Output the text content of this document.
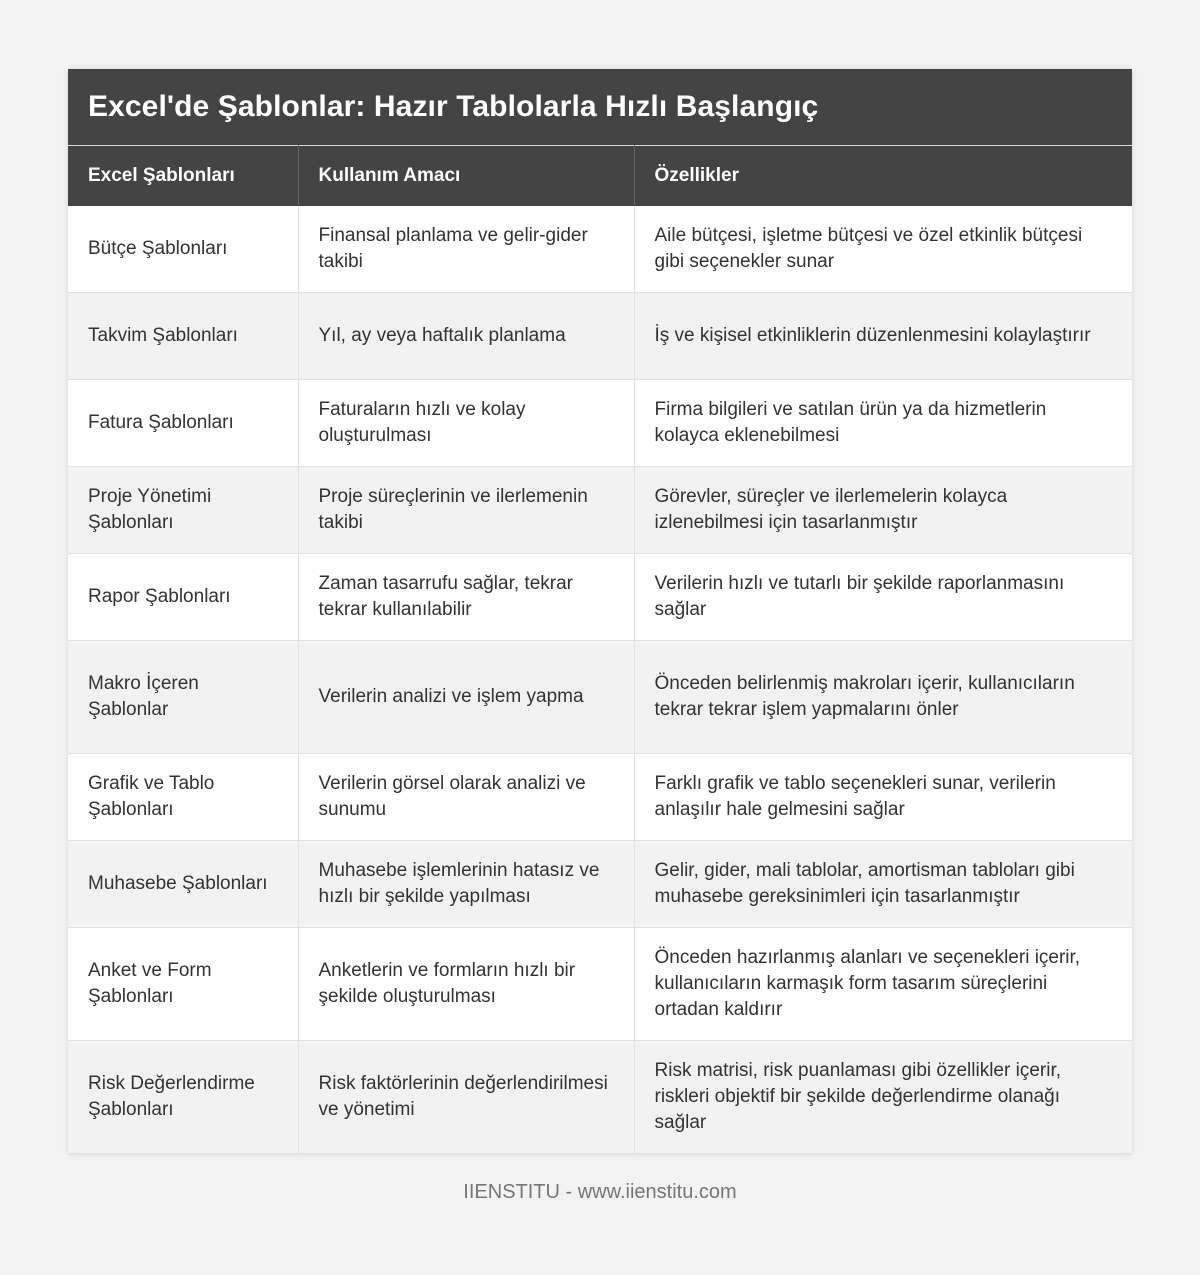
Excel'de Şablonlar: Hazır Tablolarla Hızlı Başlangıç
Excel Şablonları	Kullanım Amacı	Özellikler
Bütçe Şablonları	Finansal planlama ve gelir-gider takibi	Aile bütçesi, işletme bütçesi ve özel etkinlik bütçesi gibi seçenekler sunar
Takvim Şablonları	Yıl, ay veya haftalık planlama	İş ve kişisel etkinliklerin düzenlenmesini kolaylaştırır
Fatura Şablonları	Faturaların hızlı ve kolay oluşturulması	Firma bilgileri ve satılan ürün ya da hizmetlerin kolayca eklenebilmesi
Proje Yönetimi Şablonları	Proje süreçlerinin ve ilerlemenin takibi	Görevler, süreçler ve ilerlemelerin kolayca izlenebilmesi için tasarlanmıştır
Rapor Şablonları	Zaman tasarrufu sağlar, tekrar tekrar kullanılabilir	Verilerin hızlı ve tutarlı bir şekilde raporlanmasını sağlar
Makro İçeren Şablonlar	Verilerin analizi ve işlem yapma	Önceden belirlenmiş makroları içerir, kullanıcıların tekrar tekrar işlem yapmalarını önler
Grafik ve Tablo Şablonları	Verilerin görsel olarak analizi ve sunumu	Farklı grafik ve tablo seçenekleri sunar, verilerin anlaşılır hale gelmesini sağlar
Muhasebe Şablonları	Muhasebe işlemlerinin hatasız ve hızlı bir şekilde yapılması	Gelir, gider, mali tablolar, amortisman tabloları gibi muhasebe gereksinimleri için tasarlanmıştır
Anket ve Form Şablonları	Anketlerin ve formların hızlı bir şekilde oluşturulması	Önceden hazırlanmış alanları ve seçenekleri içerir, kullanıcıların karmaşık form tasarım süreçlerini ortadan kaldırır
Risk Değerlendirme Şablonları	Risk faktörlerinin değerlendirilmesi ve yönetimi	Risk matrisi, risk puanlaması gibi özellikler içerir, riskleri objektif bir şekilde değerlendirme olanağı sağlar
IIENSTITU - www.iienstitu.com
